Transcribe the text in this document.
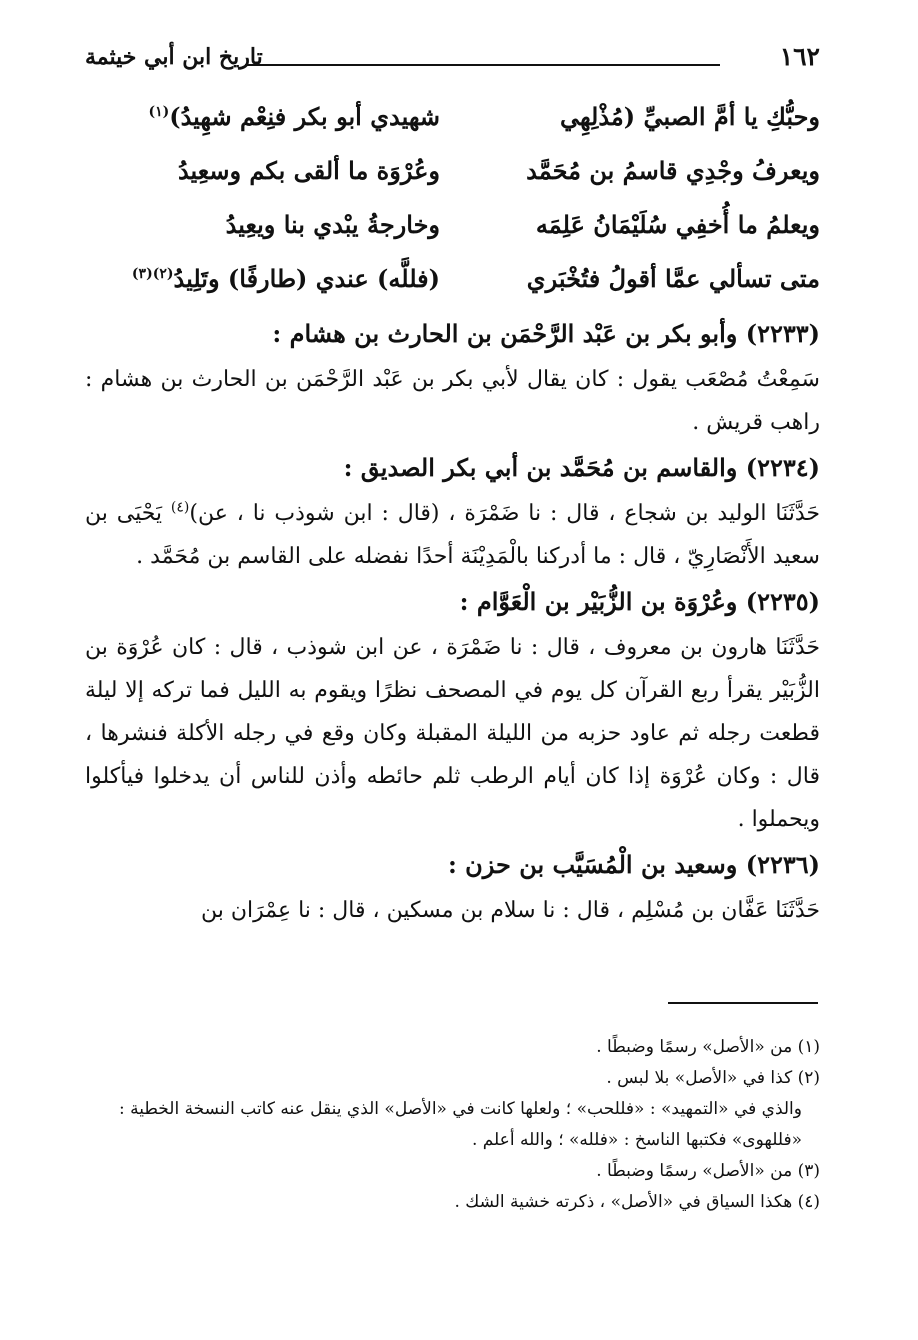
١٦٢
تاريخ ابن أبي خيثمة
وحبُّكِ يا أمَّ الصبيِّ (مُذْلِهِي
شهيدي أبو بكر فنِعْم شهِيدُ)$^{(١)}$
ويعرفُ وجْدِي قاسمُ بن مُحَمَّد
وعُرْوَة ما ألقى بكم وسعِيدُ
ويعلمُ ما أُخفِي سُلَيْمَانُ عَلِمَه
وخارجةُ يبْدي بنا ويعِيدُ
متى تسألي عمَّا أقولُ فتُخْبَري
(فللَّه) عندي (طارفًا) وتَلِيدُ$^{(٢)(٣)}$

(٢٢٣٣) وأبو بكر بن عَبْد الرَّحْمَن بن الحارث بن هشام :

سَمِعْتُ مُصْعَب يقول : كان يقال لأبي بكر بن عَبْد الرَّحْمَن بن الحارث بن هشام : راهب قريش .

(٢٢٣٤) والقاسم بن مُحَمَّد بن أبي بكر الصديق :

حَدَّثَنَا الوليد بن شجاع ، قال : نا ضَمْرَة ، (قال : ابن شوذب نا ، عن)$^{(٤)}$ يَحْيَى بن سعيد الأَنْصَارِيّ ، قال : ما أدركنا بالْمَدِيْنَة أحدًا نفضله على القاسم بن مُحَمَّد .

(٢٢٣٥) وعُرْوَة بن الزُّبَيْر بن الْعَوَّام :

حَدَّثَنَا هارون بن معروف ، قال : نا ضَمْرَة ، عن ابن شوذب ، قال : كان عُرْوَة بن الزُّبَيْر يقرأ ربع القرآن كل يوم في المصحف نظرًا ويقوم به الليل فما تركه إلا ليلة قطعت رجله ثم عاود حزبه من الليلة المقبلة وكان وقع في رجله الأكلة فنشرها ، قال : وكان عُرْوَة إذا كان أيام الرطب ثلم حائطه وأذن للناس أن يدخلوا فيأكلوا ويحملوا .

(٢٢٣٦) وسعيد بن الْمُسَيَّب بن حزن :

حَدَّثَنَا عَفَّان بن مُسْلِم ، قال : نا سلام بن مسكين ، قال : نا عِمْرَان بن

(١) من «الأصل» رسمًا وضبطًا .

(٢) كذا في «الأصل» بلا لبس .

والذي في «التمهيد» : «فللحب» ؛ ولعلها كانت في «الأصل» الذي ينقل عنه كاتب النسخة الخطية : «فللهوى» فكتبها الناسخ : «فلله» ؛ والله أعلم .

(٣) من «الأصل» رسمًا وضبطًا .

(٤) هكذا السياق في «الأصل» ، ذكرته خشية الشك .
